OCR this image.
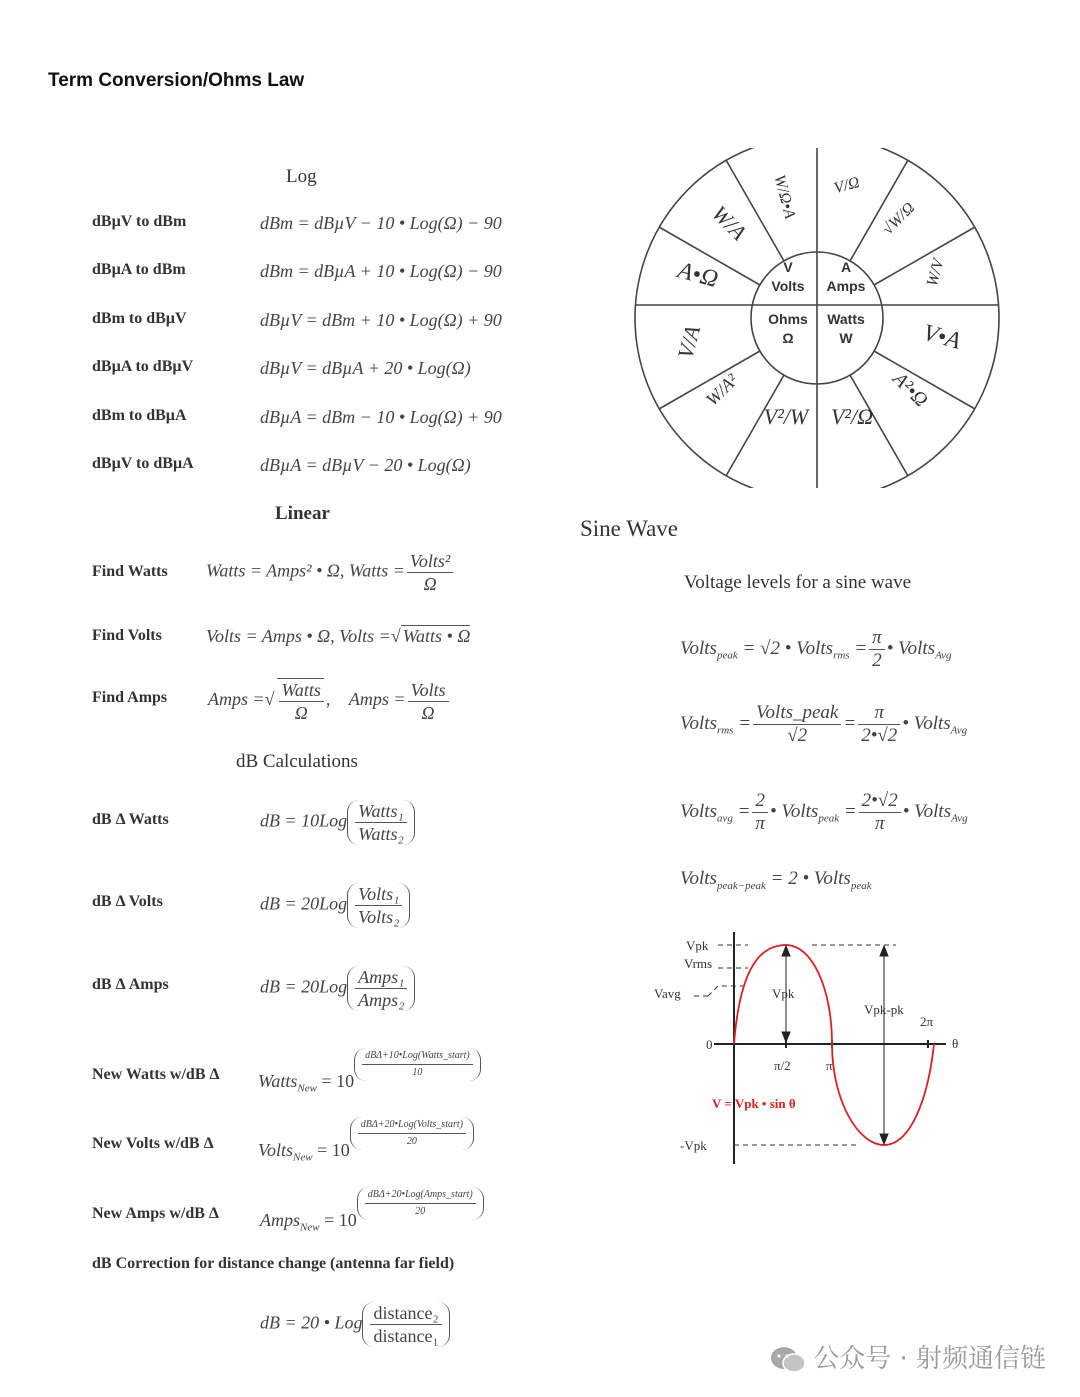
Term Conversion/Ohms Law
Log
dBµV to dBm	dBm = dBµV − 10 • Log(Ω) − 90
dBµA to dBm	dBm = dBµA + 10 • Log(Ω) − 90
dBm to dBµV	dBµV = dBm + 10 • Log(Ω) + 90
dBµA to dBµV	dBµV = dBµA + 20 • Log(Ω)
dBm to dBµA	dBµA = dBm − 10 • Log(Ω) + 90
dBµV to dBµA	dBµA = dBµV − 20 • Log(Ω)
Linear
Find Watts Watts = Amps² • Ω, Watts = $\frac{\text{Volts²}}{\Omega}$
Find Volts Volts = Amps • Ω, Volts =√ Watts • Ω
Find Amps Amps =√ $\frac{\text{Watts}}{\Omega}$ , Amps = $\frac{\text{Volts}}{\Omega}$
dB Calculations
dB Δ Watts	dB = $10Log \frac{\text{Watts₁}}{\text{Watts₂}}$
dB Δ Volts	dB = $20Log \frac{\text{Volts₁}}{\text{Volts₂}}$
dB Δ Amps	dB = $20Log \frac{\text{Amps₁}}{\text{Amps₂}}$
New Watts w/dB Δ Watts$_{New}$ = $10 \frac{\text{dBΔ+10•Log(Watts\_start)}}{10}$
New Volts w/dB Δ Volts$_{New}$ = $10 \frac{\text{dBΔ+20•Log(Volts\_start)}}{20}$
New Amps w/dB Δ Amps$_{New}$ = $10 \frac{\text{dBΔ+20•Log(Amps\_start)}}{20}$
dB Correction for distance change (antenna far field)
dB = 20 • Log $\frac{\text{distance₂}}{\text{distance₁}}$
V
Volts
A
Amps
Ohms
Ω
Watts
W
W/Ω•A
W/A
A•Ω
V/Ω
√W/Ω
W/V
V•A
A²•Ω
V²/Ω
V²/W
W/A²
V/A
Sine Wave
Voltage levels for a sine wave
Volts$_{peak}$ = √2 • Volts$_{rms}$ = $\frac{\pi}{2}$ • Volts$_{Avg}$
Volts$_{rms}$ = $\frac{\text{Volts\_peak}}{√2} = \frac{\pi}{2•√2}$ • Volts$_{Avg}$
Volts$_{avg}$ = $\frac{2}{\pi}$ • Volts$_{peak}$ = $\frac{2•√2}{\pi}$ • Volts$_{Avg}$
Volts$_{peak-peak}$ = 2 • Volts$_{peak}$
Vpk
Vrms
Vavg	Vpk
Vpk-pk
-Vpk
0
π/2	π
2π
θ
V = Vpk • sin θ
公众号 · 射频通信链
